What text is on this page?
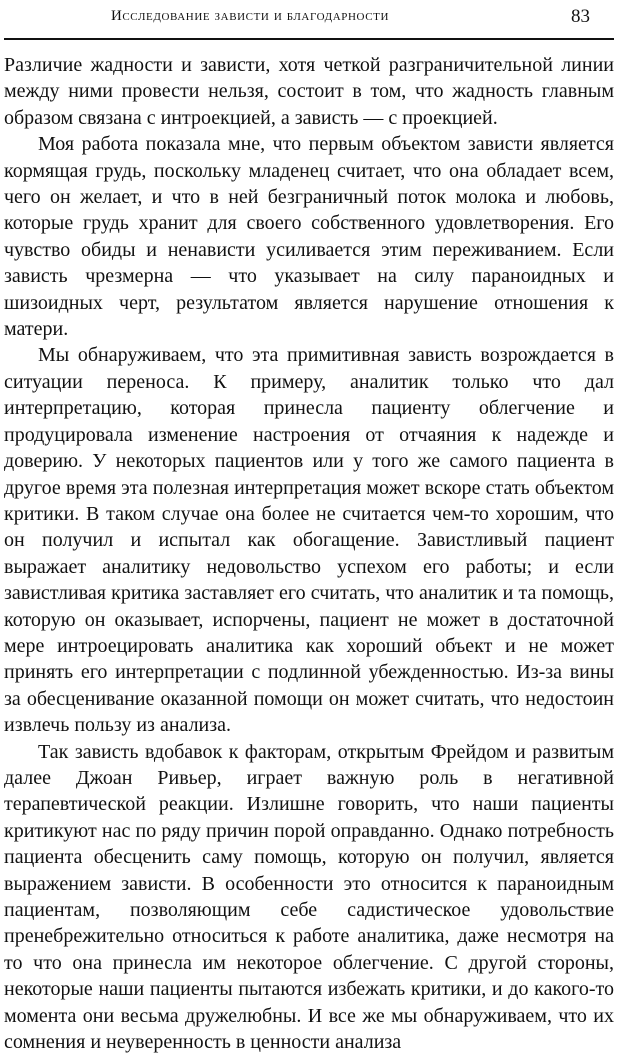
Исследование зависти и благодарности	83

Различие жадности и зависти, хотя четкой разграничительной линии между ними провести нельзя, состоит в том, что жадность главным образом связана с интроекцией, а зависть — с проекцией.

Моя работа показала мне, что первым объектом зависти является кормящая грудь, поскольку младенец считает, что она обладает всем, чего он желает, и что в ней безграничный поток молока и любовь, которые грудь хранит для своего собственного удовлетворения. Его чувство обиды и ненависти усиливается этим переживанием. Если зависть чрезмерна — что указывает на силу параноидных и шизоидных черт, результатом является нарушение отношения к матери.

Мы обнаруживаем, что эта примитивная зависть возрождается в ситуации переноса. К примеру, аналитик только что дал интерпретацию, которая принесла пациенту облегчение и продуцировала изменение настроения от отчаяния к надежде и доверию. У некоторых пациентов или у того же самого пациента в другое время эта полезная интерпретация может вскоре стать объектом критики. В таком случае она более не считается чем-то хорошим, что он получил и испытал как обогащение. Завистливый пациент выражает аналитику недовольство успехом его работы; и если завистливая критика заставляет его считать, что аналитик и та помощь, которую он оказывает, испорчены, пациент не может в достаточной мере интроецировать аналитика как хороший объект и не может принять его интерпретации с подлинной убежденностью. Из-за вины за обесценивание оказанной помощи он может считать, что недостоин извлечь пользу из анализа.

Так зависть вдобавок к факторам, открытым Фрейдом и развитым далее Джоан Ривьер, играет важную роль в негативной терапевтической реакции. Излишне говорить, что наши пациенты критикуют нас по ряду причин порой оправданно. Однако потребность пациента обесценить саму помощь, которую он получил, является выражением зависти. В особенности это относится к параноидным пациентам, позволяющим себе садистическое удовольствие пренебрежительно относиться к работе аналитика, даже несмотря на то что она принесла им некоторое облегчение. С другой стороны, некоторые наши пациенты пытаются избежать критики, и до какого-то момента они весьма дружелюбны. И все же мы обнаруживаем, что их сомнения и неуверенность в ценности анализа
